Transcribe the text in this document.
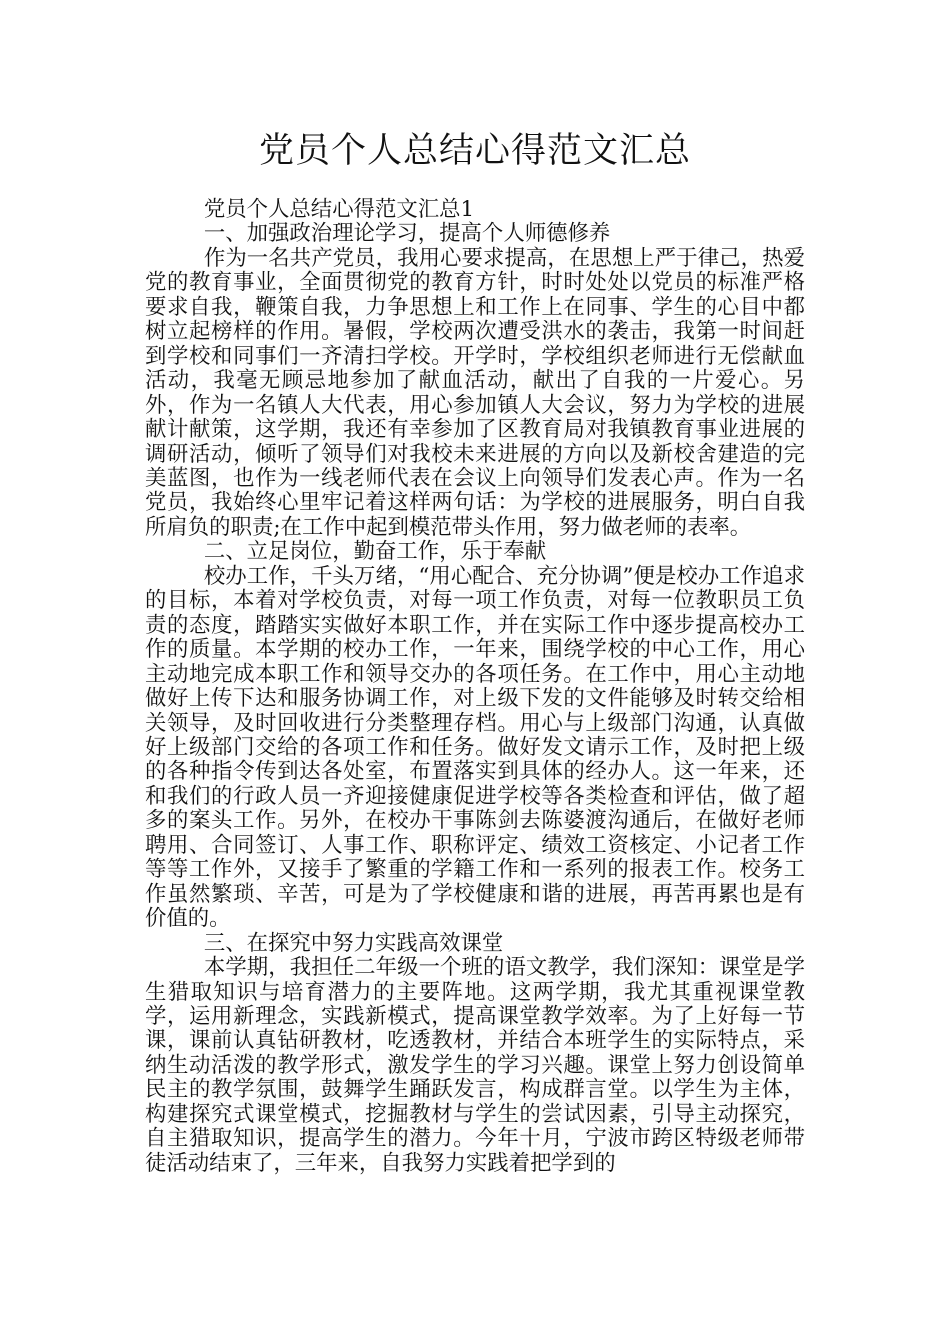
党员个人总结心得范文汇总

党员个人总结心得范文汇总1

一、加强政治理论学习，提高个人师德修养

作为一名共产党员，我用心要求提高，在思想上严于律己，热爱党的教育事业，全面贯彻党的教育方针，时时处处以党员的标准严格要求自我，鞭策自我，力争思想上和工作上在同事、学生的心目中都树立起榜样的作用。暑假，学校两次遭受洪水的袭击，我第一时间赶到学校和同事们一齐清扫学校。开学时，学校组织老师进行无偿献血活动，我毫无顾忌地参加了献血活动，献出了自我的一片爱心。另外，作为一名镇人大代表，用心参加镇人大会议，努力为学校的进展献计献策，这学期，我还有幸参加了区教育局对我镇教育事业进展的调研活动，倾听了领导们对我校未来进展的方向以及新校舍建造的完美蓝图，也作为一线老师代表在会议上向领导们发表心声。作为一名党员，我始终心里牢记着这样两句话：为学校的进展服务，明白自我所肩负的职责;在工作中起到模范带头作用，努力做老师的表率。

二、立足岗位，勤奋工作，乐于奉献

校办工作，千头万绪，“用心配合、充分协调”便是校办工作追求的目标，本着对学校负责，对每一项工作负责，对每一位教职员工负责的态度，踏踏实实做好本职工作，并在实际工作中逐步提高校办工作的质量。本学期的校办工作，一年来，围绕学校的中心工作，用心主动地完成本职工作和领导交办的各项任务。在工作中，用心主动地做好上传下达和服务协调工作，对上级下发的文件能够及时转交给相关领导，及时回收进行分类整理存档。用心与上级部门沟通，认真做好上级部门交给的各项工作和任务。做好发文请示工作，及时把上级的各种指令传到达各处室，布置落实到具体的经办人。这一年来，还和我们的行政人员一齐迎接健康促进学校等各类检查和评估，做了超多的案头工作。另外，在校办干事陈剑去陈婆渡沟通后，在做好老师聘用、合同签订、人事工作、职称评定、绩效工资核定、小记者工作等等工作外，又接手了繁重的学籍工作和一系列的报表工作。校务工作虽然繁琐、辛苦，可是为了学校健康和谐的进展，再苦再累也是有价值的。

三、在探究中努力实践高效课堂

本学期，我担任二年级一个班的语文教学，我们深知：课堂是学生猎取知识与培育潜力的主要阵地。这两学期，我尤其重视课堂教学，运用新理念，实践新模式，提高课堂教学效率。为了上好每一节课，课前认真钻研教材，吃透教材，并结合本班学生的实际特点，采纳生动活泼的教学形式，激发学生的学习兴趣。课堂上努力创设简单民主的教学氛围，鼓舞学生踊跃发言，构成群言堂。以学生为主体，构建探究式课堂模式，挖掘教材与学生的尝试因素，引导主动探究，自主猎取知识，提高学生的潜力。今年十月，宁波市跨区特级老师带徒活动结束了，三年来，自我努力实践着把学到的
